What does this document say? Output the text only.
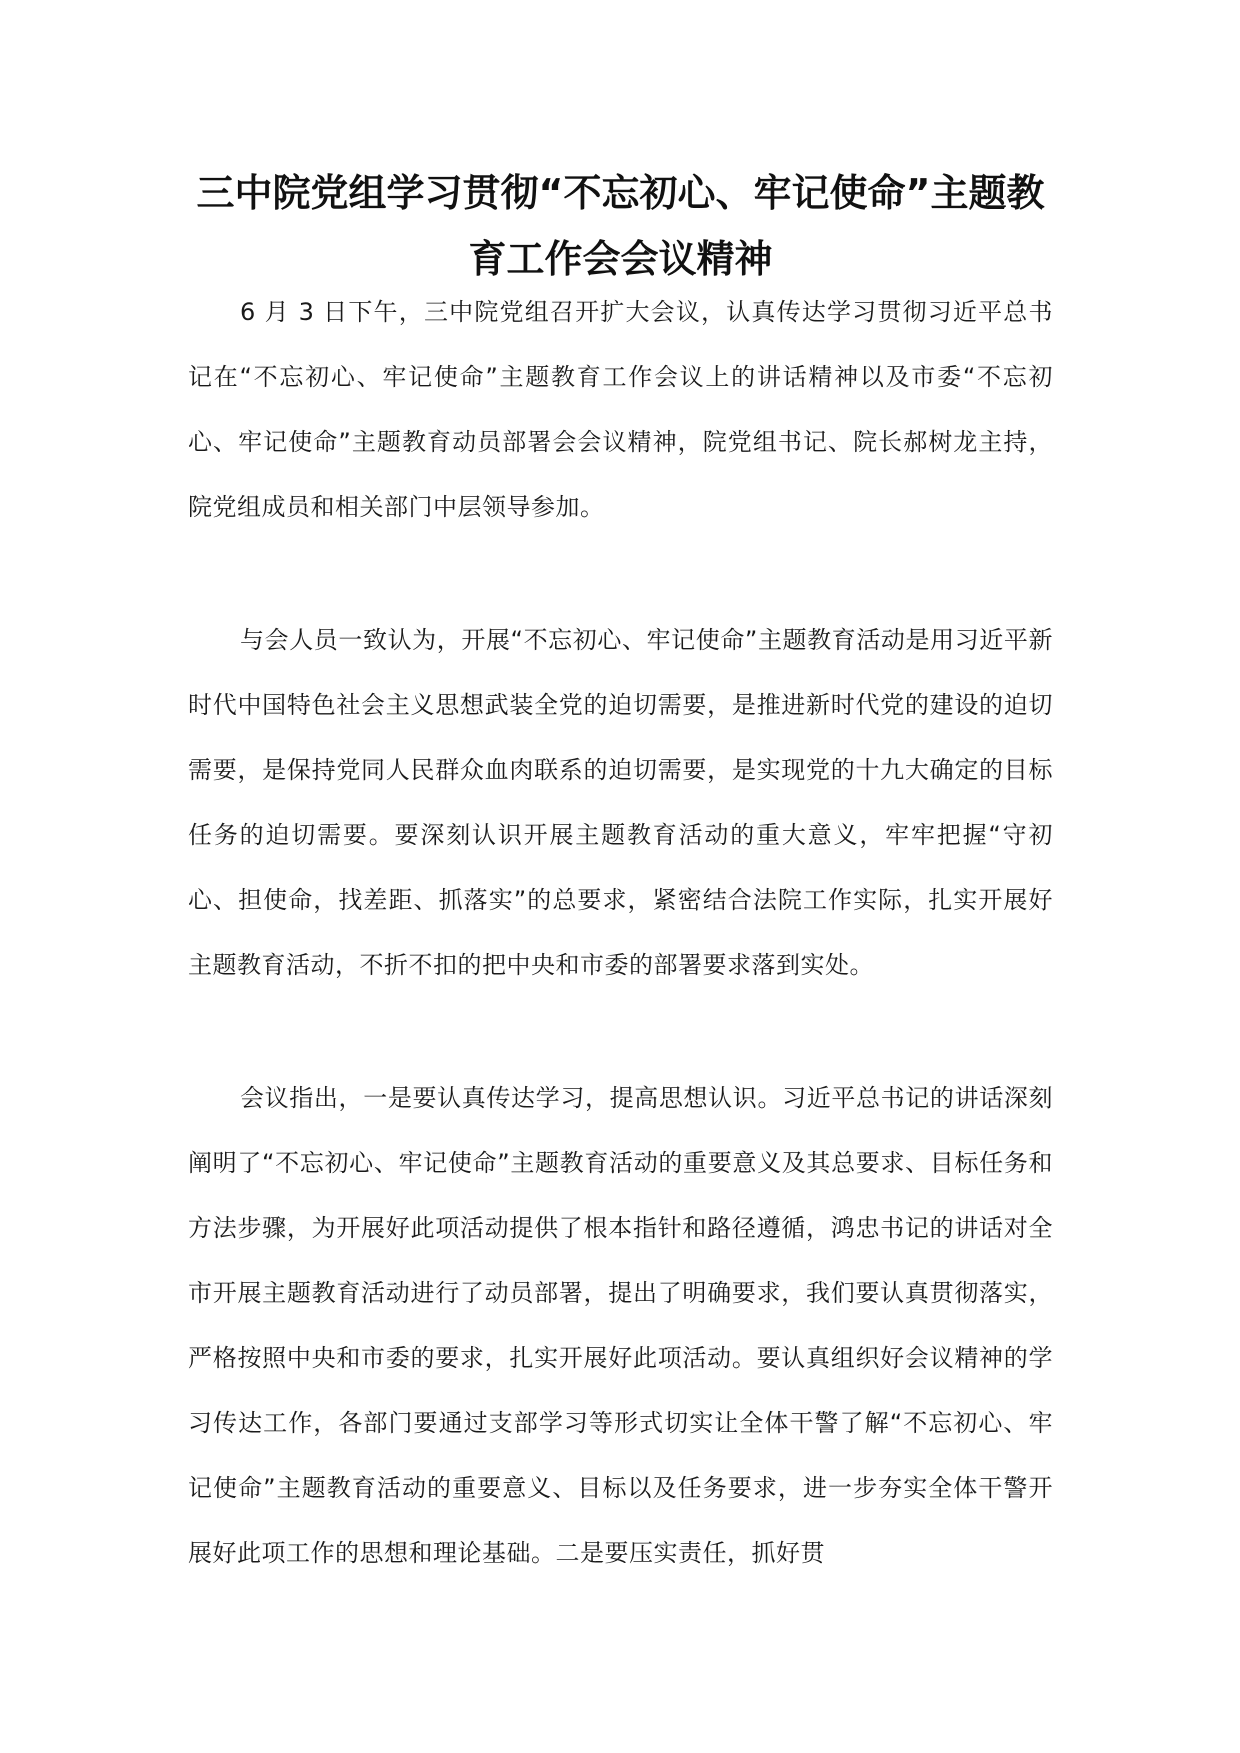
三中院党组学习贯彻“不忘初心、牢记使命”主题教育工作会会议精神

6 月 3 日下午，三中院党组召开扩大会议，认真传达学习贯彻习近平总书记在“不忘初心、牢记使命”主题教育工作会议上的讲话精神以及市委“不忘初心、牢记使命”主题教育动员部署会会议精神，院党组书记、院长郝树龙主持，院党组成员和相关部门中层领导参加。

与会人员一致认为，开展“不忘初心、牢记使命”主题教育活动是用习近平新时代中国特色社会主义思想武装全党的迫切需要，是推进新时代党的建设的迫切需要，是保持党同人民群众血肉联系的迫切需要，是实现党的十九大确定的目标任务的迫切需要。要深刻认识开展主题教育活动的重大意义，牢牢把握“守初心、担使命，找差距、抓落实”的总要求，紧密结合法院工作实际，扎实开展好主题教育活动，不折不扣的把中央和市委的部署要求落到实处。

会议指出，一是要认真传达学习，提高思想认识。习近平总书记的讲话深刻阐明了“不忘初心、牢记使命”主题教育活动的重要意义及其总要求、目标任务和方法步骤，为开展好此项活动提供了根本指针和路径遵循，鸿忠书记的讲话对全市开展主题教育活动进行了动员部署，提出了明确要求，我们要认真贯彻落实，严格按照中央和市委的要求，扎实开展好此项活动。要认真组织好会议精神的学习传达工作，各部门要通过支部学习等形式切实让全体干警了解“不忘初心、牢记使命”主题教育活动的重要意义、目标以及任务要求，进一步夯实全体干警开展好此项工作的思想和理论基础。二是要压实责任，抓好贯
